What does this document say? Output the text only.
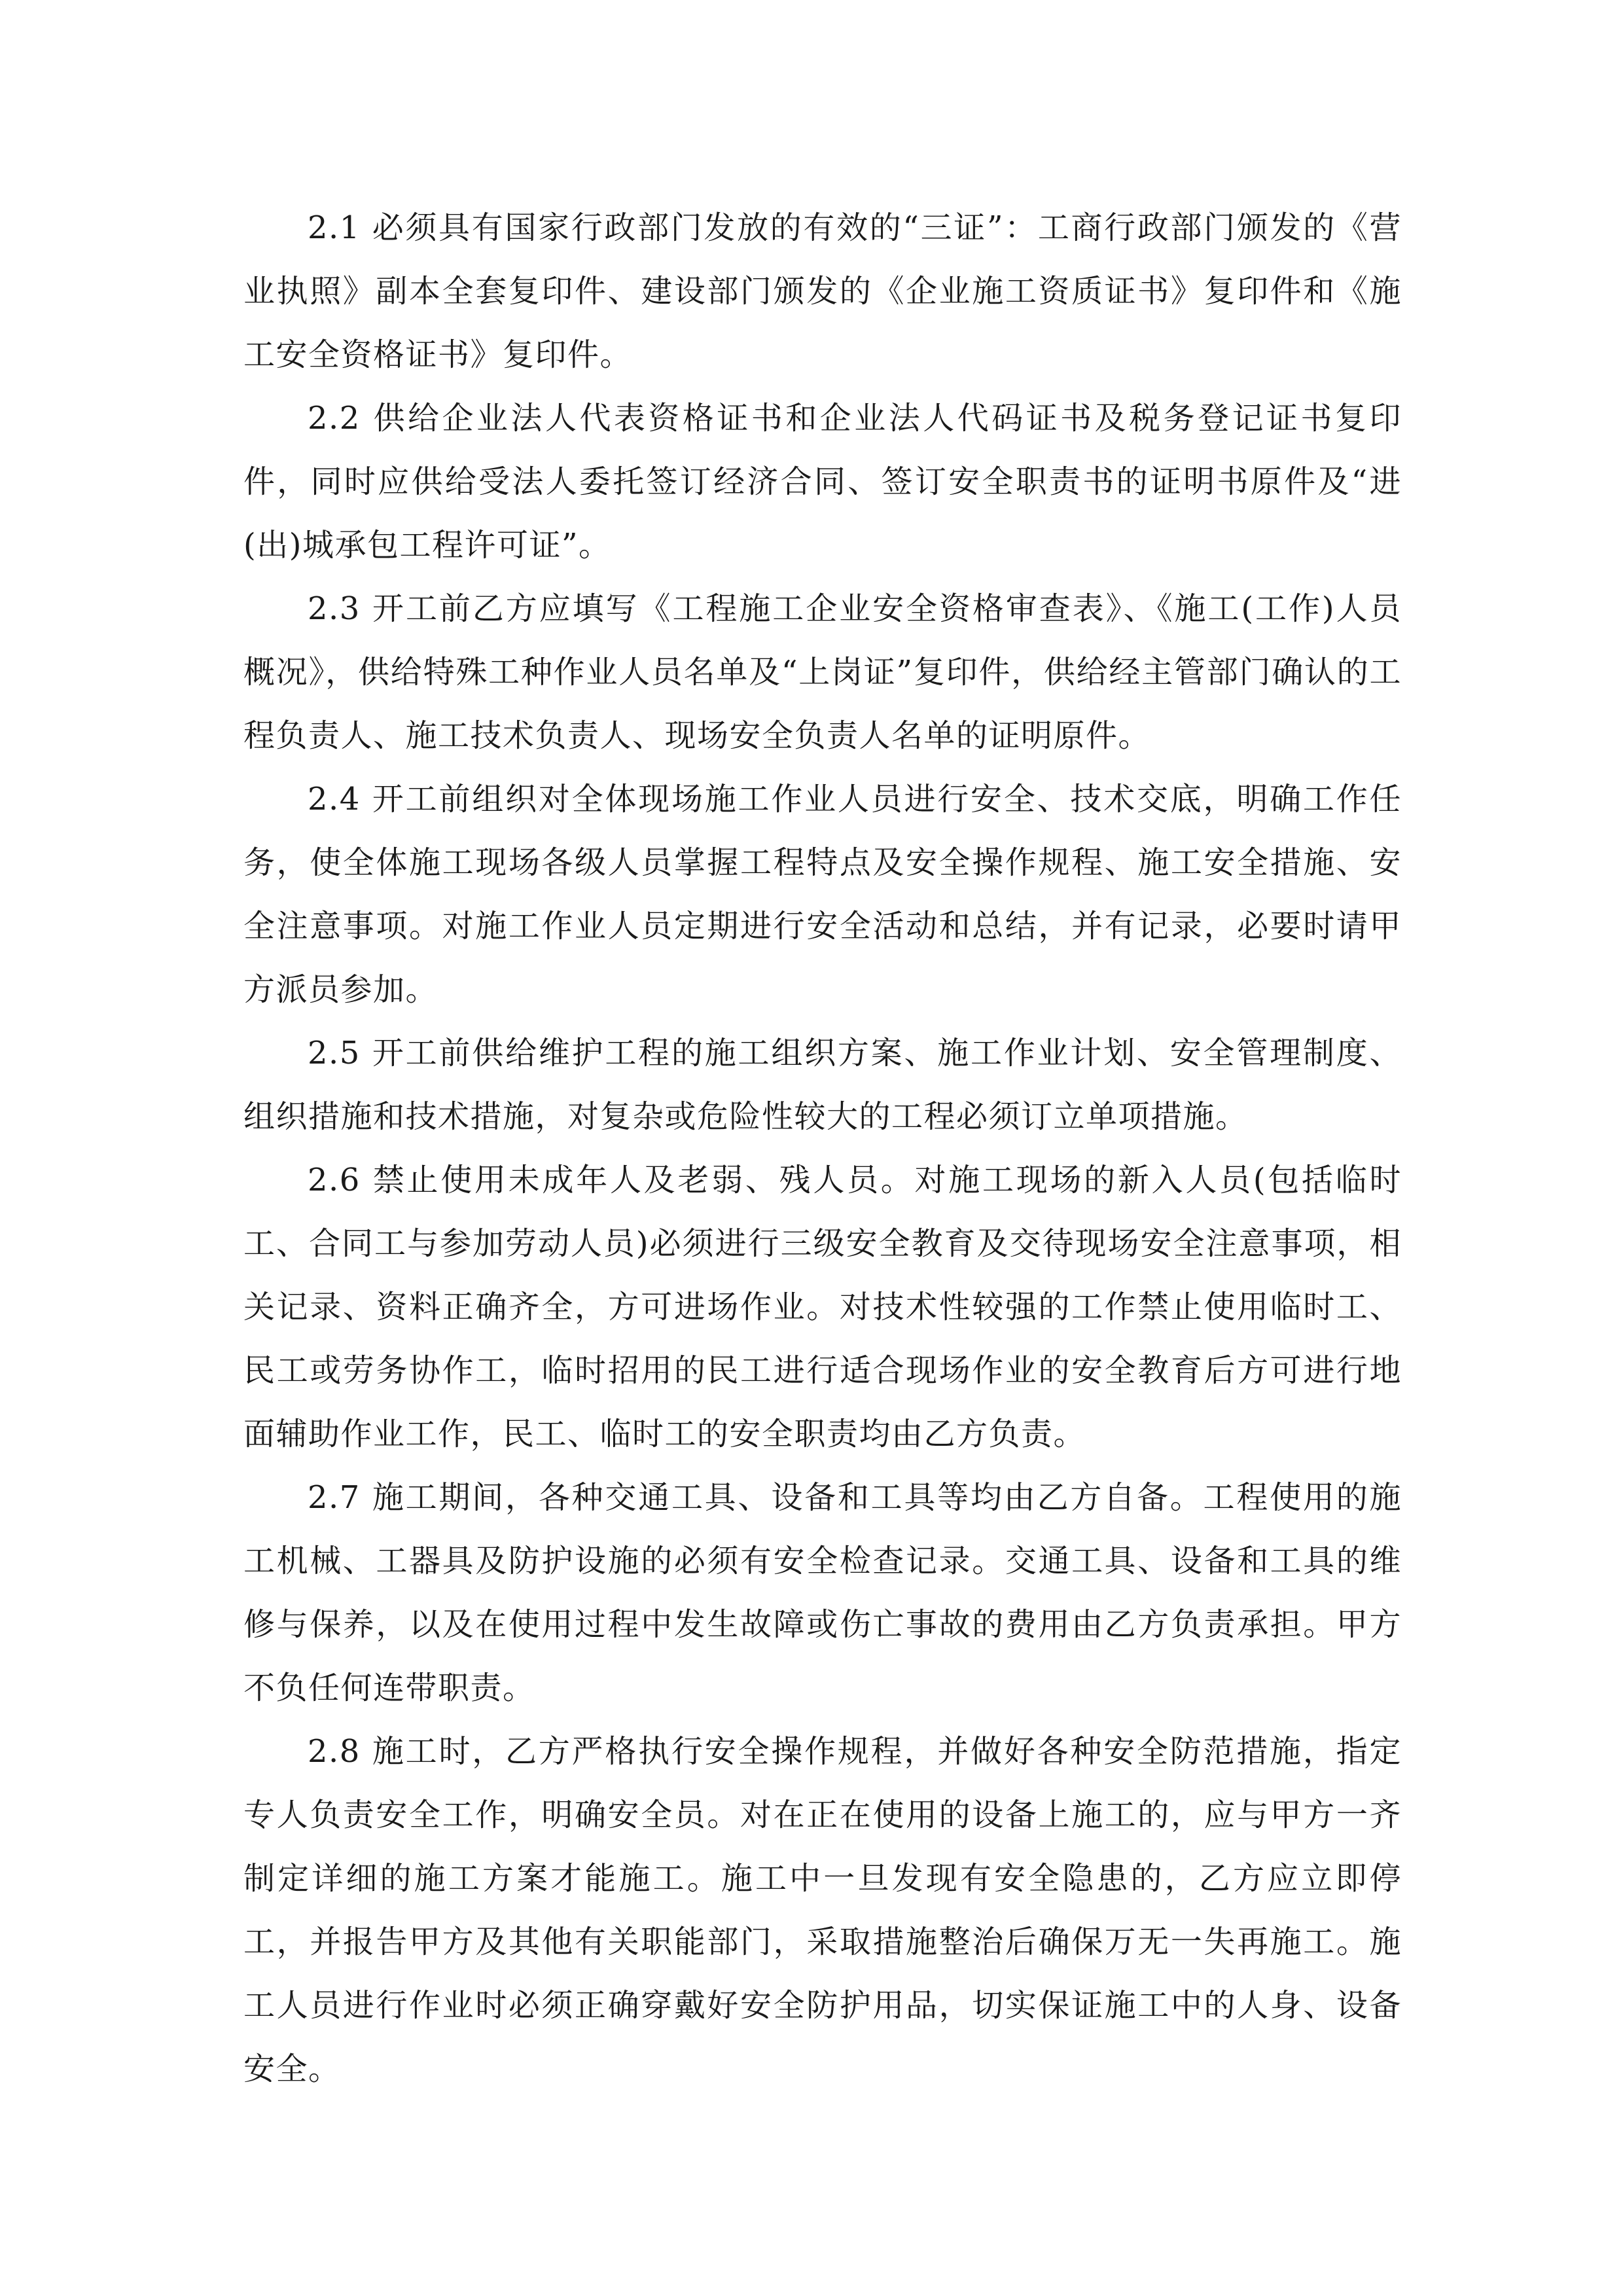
2.1 必须具有国家行政部门发放的有效的“三证”：工商行政部门颁发的《营业执照》副本全套复印件、建设部门颁发的《企业施工资质证书》复印件和《施工安全资格证书》复印件。

2.2 供给企业法人代表资格证书和企业法人代码证书及税务登记证书复印件，同时应供给受法人委托签订经济合同、签订安全职责书的证明书原件及“进(出)城承包工程许可证”。

2.3 开工前乙方应填写《工程施工企业安全资格审查表》、《施工(工作)人员概况》，供给特殊工种作业人员名单及“上岗证”复印件，供给经主管部门确认的工程负责人、施工技术负责人、现场安全负责人名单的证明原件。

2.4 开工前组织对全体现场施工作业人员进行安全、技术交底，明确工作任务，使全体施工现场各级人员掌握工程特点及安全操作规程、施工安全措施、安全注意事项。对施工作业人员定期进行安全活动和总结，并有记录，必要时请甲方派员参加。

2.5 开工前供给维护工程的施工组织方案、施工作业计划、安全管理制度、组织措施和技术措施，对复杂或危险性较大的工程必须订立单项措施。

2.6 禁止使用未成年人及老弱、残人员。对施工现场的新入人员(包括临时工、合同工与参加劳动人员)必须进行三级安全教育及交待现场安全注意事项，相关记录、资料正确齐全，方可进场作业。对技术性较强的工作禁止使用临时工、民工或劳务协作工，临时招用的民工进行适合现场作业的安全教育后方可进行地面辅助作业工作，民工、临时工的安全职责均由乙方负责。

2.7 施工期间，各种交通工具、设备和工具等均由乙方自备。工程使用的施工机械、工器具及防护设施的必须有安全检查记录。交通工具、设备和工具的维修与保养，以及在使用过程中发生故障或伤亡事故的费用由乙方负责承担。甲方不负任何连带职责。

2.8 施工时，乙方严格执行安全操作规程，并做好各种安全防范措施，指定专人负责安全工作，明确安全员。对在正在使用的设备上施工的，应与甲方一齐制定详细的施工方案才能施工。施工中一旦发现有安全隐患的，乙方应立即停工，并报告甲方及其他有关职能部门，采取措施整治后确保万无一失再施工。施工人员进行作业时必须正确穿戴好安全防护用品，切实保证施工中的人身、设备安全。
